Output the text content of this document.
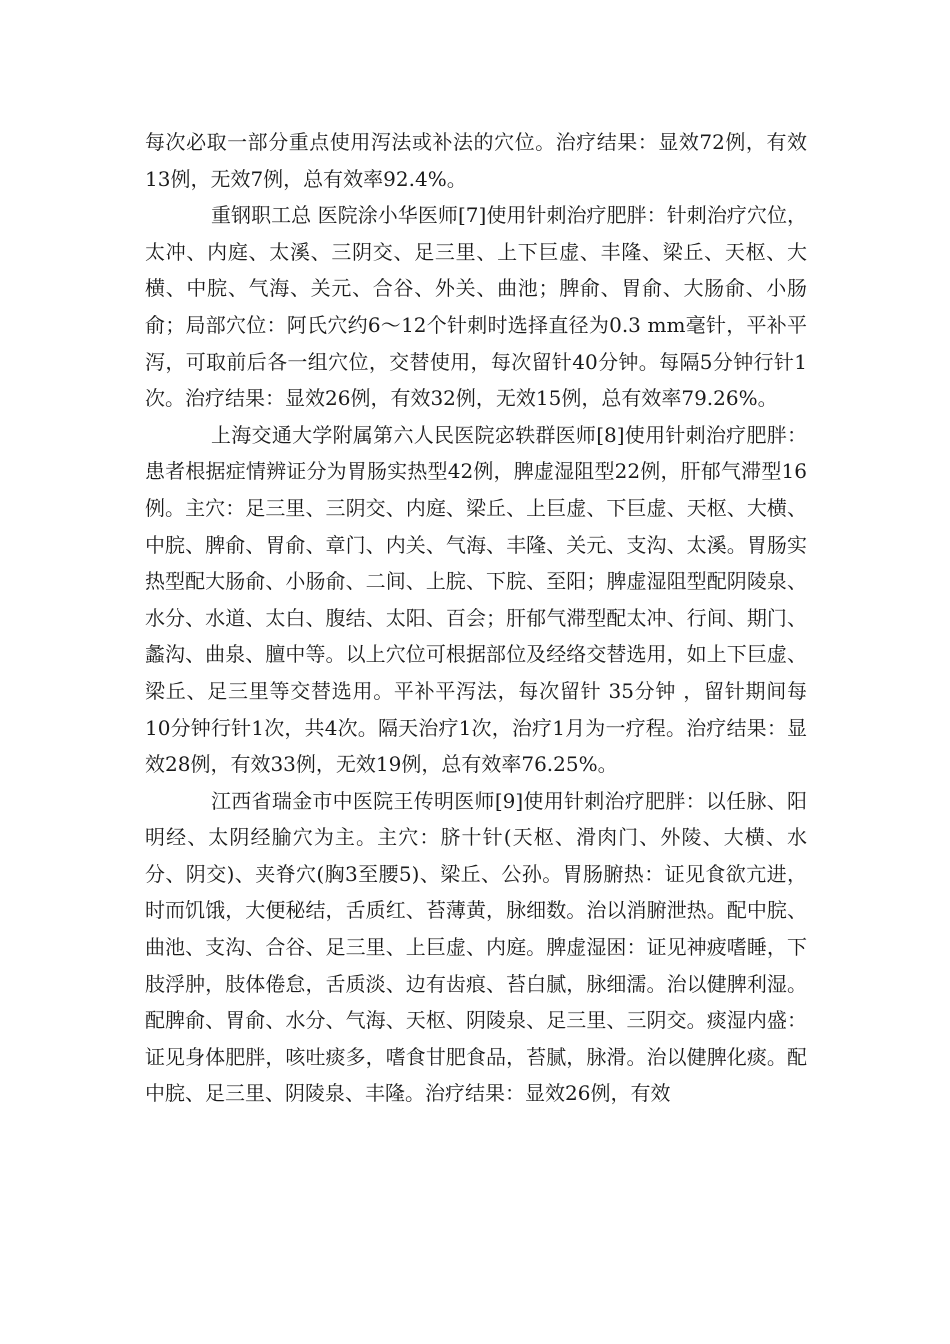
每次必取一部分重点使用泻法或补法的穴位。治疗结果：显效72例，有效13例，无效7例，总有效率92.4%。

重钢职工总 医院涂小华医师[7]使用针刺治疗肥胖：针刺治疗穴位，太冲、内庭、太溪、三阴交、足三里、上下巨虚、丰隆、梁丘、天枢、大横、中脘、气海、关元、合谷、外关、曲池；脾俞、胃俞、大肠俞、小肠俞；局部穴位：阿氏穴约6～12个针刺时选择直径为0.3 mm毫针，平补平泻，可取前后各一组穴位，交替使用，每次留针40分钟。每隔5分钟行针1次。治疗结果：显效26例，有效32例，无效15例，总有效率79.26%。

上海交通大学附属第六人民医院宓轶群医师[8]使用针刺治疗肥胖：患者根据症情辨证分为胃肠实热型42例，脾虚湿阻型22例，肝郁气滞型16例。主穴：足三里、三阴交、内庭、梁丘、上巨虚、下巨虚、天枢、大横、中脘、脾俞、胃俞、章门、内关、气海、丰隆、关元、支沟、太溪。胃肠实热型配大肠俞、小肠俞、二间、上脘、下脘、至阳；脾虚湿阻型配阴陵泉、水分、水道、太白、腹结、太阳、百会；肝郁气滞型配太冲、行间、期门、蠡沟、曲泉、膻中等。以上穴位可根据部位及经络交替选用，如上下巨虚、梁丘、足三里等交替选用。平补平泻法，每次留针 35分钟 ，留针期间每10分钟行针1次，共4次。隔天治疗1次，治疗1月为一疗程。治疗结果：显效28例，有效33例，无效19例，总有效率76.25%。

江西省瑞金市中医院王传明医师[9]使用针刺治疗肥胖：以任脉、阳明经、太阴经腧穴为主。主穴：脐十针(天枢、滑肉门、外陵、大横、水分、阴交)、夹脊穴(胸3至腰5)、梁丘、公孙。胃肠腑热：证见食欲亢进，时而饥饿，大便秘结，舌质红、苔薄黄，脉细数。治以消腑泄热。配中脘、曲池、支沟、合谷、足三里、上巨虚、内庭。脾虚湿困：证见神疲嗜睡，下肢浮肿，肢体倦怠，舌质淡、边有齿痕、苔白腻，脉细濡。治以健脾利湿。配脾俞、胃俞、水分、气海、天枢、阴陵泉、足三里、三阴交。痰湿内盛：证见身体肥胖，咳吐痰多，嗜食甘肥食品，苔腻，脉滑。治以健脾化痰。配中脘、足三里、阴陵泉、丰隆。治疗结果：显效26例，有效
